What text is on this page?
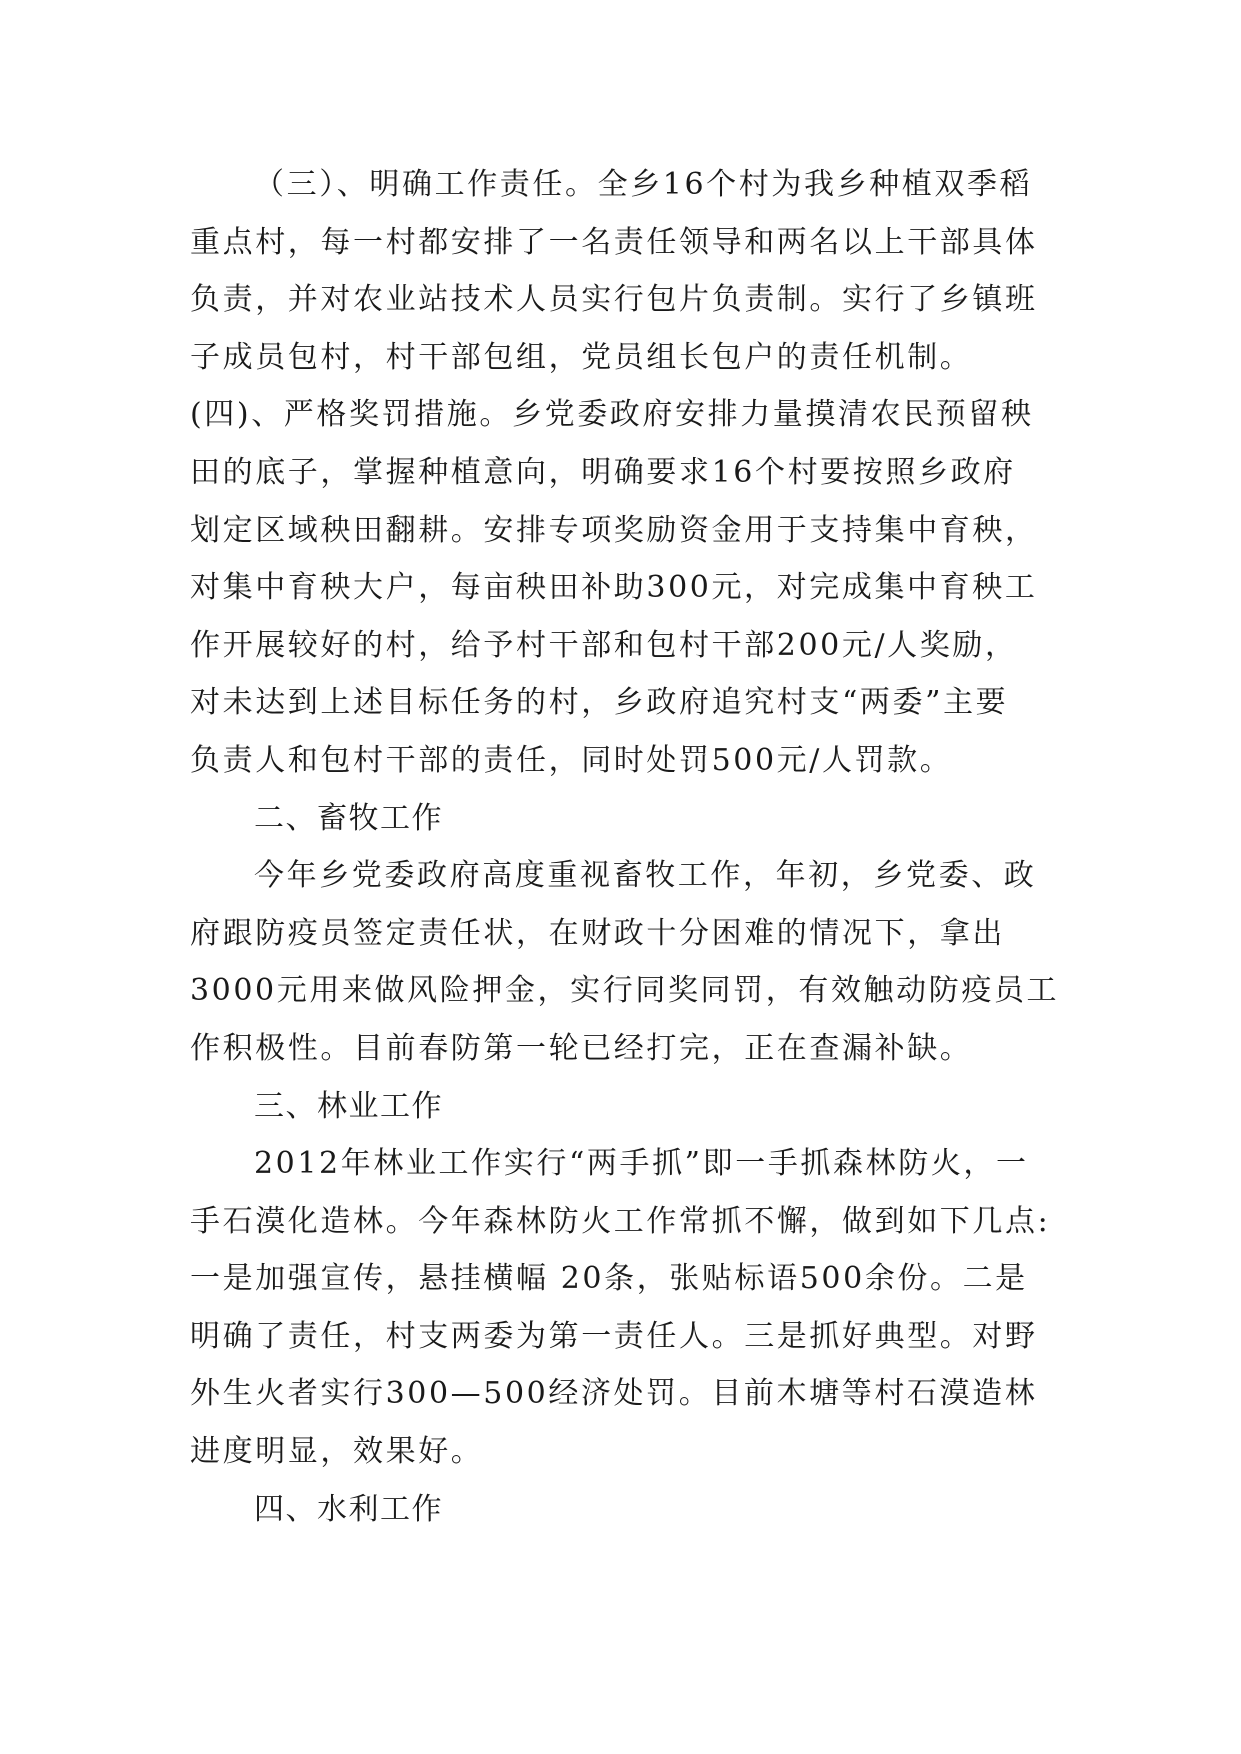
（三）、明确工作责任。全乡16个村为我乡种植双季稻
重点村，每一村都安排了一名责任领导和两名以上干部具体
负责，并对农业站技术人员实行包片负责制。实行了乡镇班
子成员包村，村干部包组，党员组长包户的责任机制。
(四)、严格奖罚措施。乡党委政府安排力量摸清农民预留秧
田的底子，掌握种植意向，明确要求16个村要按照乡政府
划定区域秧田翻耕。安排专项奖励资金用于支持集中育秧，
对集中育秧大户，每亩秧田补助300元，对完成集中育秧工
作开展较好的村，给予村干部和包村干部200元/人奖励，
对未达到上述目标任务的村，乡政府追究村支“两委”主要
负责人和包村干部的责任，同时处罚500元/人罚款。
二、畜牧工作
今年乡党委政府高度重视畜牧工作，年初，乡党委、政
府跟防疫员签定责任状，在财政十分困难的情况下，拿出
3000元用来做风险押金，实行同奖同罚，有效触动防疫员工
作积极性。目前春防第一轮已经打完，正在查漏补缺。
三、林业工作
2012年林业工作实行“两手抓”即一手抓森林防火，一
手石漠化造林。今年森林防火工作常抓不懈，做到如下几点:
一是加强宣传，悬挂横幅 20条，张贴标语500余份。二是
明确了责任，村支两委为第一责任人。三是抓好典型。对野
外生火者实行300—500经济处罚。目前木塘等村石漠造林
进度明显，效果好。
四、水利工作
